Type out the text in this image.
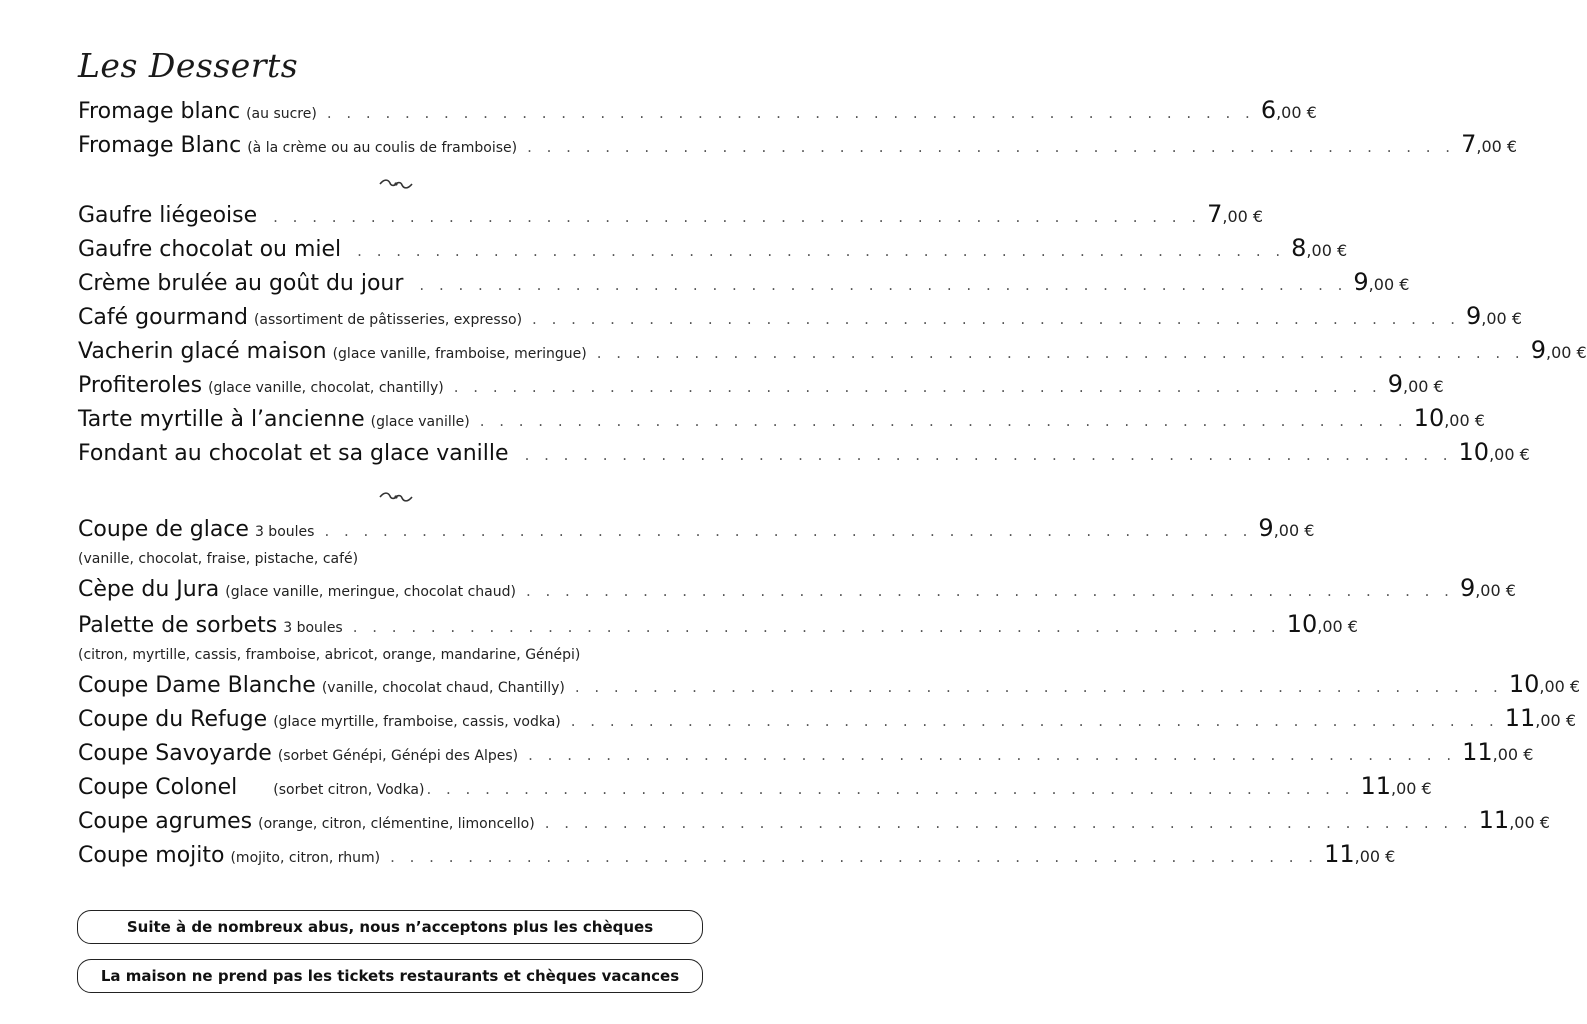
Les Desserts
Fromage blanc (au sucre) . . . . . . . . . . . . . . . . . . . . . . . . . . . . . . . . . . . . . . . . . . . . . . . . 6 ,00 €
Fromage Blanc (à la crème ou au coulis de framboise) . . . . . . . . . . . . . . . . . . . . . . . . . . . . . . . . . . . . . . . . . . . . . . . . 7 ,00 €
Gaufre liégeoise . . . . . . . . . . . . . . . . . . . . . . . . . . . . . . . . . . . . . . . . . . . . . . . . 7 ,00 €
Gaufre chocolat ou miel . . . . . . . . . . . . . . . . . . . . . . . . . . . . . . . . . . . . . . . . . . . . . . . . 8 ,00 €
Crème brulée au goût du jour . . . . . . . . . . . . . . . . . . . . . . . . . . . . . . . . . . . . . . . . . . . . . . . . 9 ,00 €
Café gourmand (assortiment de pâtisseries, expresso) . . . . . . . . . . . . . . . . . . . . . . . . . . . . . . . . . . . . . . . . . . . . . . . . 9 ,00 €
Vacherin glacé maison (glace vanille, framboise, meringue) . . . . . . . . . . . . . . . . . . . . . . . . . . . . . . . . . . . . . . . . . . . . . . . . 9 ,00 €
Profiteroles (glace vanille, chocolat, chantilly) . . . . . . . . . . . . . . . . . . . . . . . . . . . . . . . . . . . . . . . . . . . . . . . . 9 ,00 €
Tarte myrtille à l’ancienne (glace vanille) . . . . . . . . . . . . . . . . . . . . . . . . . . . . . . . . . . . . . . . . . . . . . . . . 10 ,00 €
Fondant au chocolat et sa glace vanille . . . . . . . . . . . . . . . . . . . . . . . . . . . . . . . . . . . . . . . . . . . . . . . . 10 ,00 €
Coupe de glace 3 boules . . . . . . . . . . . . . . . . . . . . . . . . . . . . . . . . . . . . . . . . . . . . . . . . 9 ,00 €
(vanille, chocolat, fraise, pistache, café)
Cèpe du Jura (glace vanille, meringue, chocolat chaud) . . . . . . . . . . . . . . . . . . . . . . . . . . . . . . . . . . . . . . . . . . . . . . . . 9 ,00 €
Palette de sorbets 3 boules . . . . . . . . . . . . . . . . . . . . . . . . . . . . . . . . . . . . . . . . . . . . . . . . 10 ,00 €
(citron, myrtille, cassis, framboise, abricot, orange, mandarine, Génépi)
Coupe Dame Blanche (vanille, chocolat chaud, Chantilly) . . . . . . . . . . . . . . . . . . . . . . . . . . . . . . . . . . . . . . . . . . . . . . . . 10 ,00 €
Coupe du Refuge (glace myrtille, framboise, cassis, vodka) . . . . . . . . . . . . . . . . . . . . . . . . . . . . . . . . . . . . . . . . . . . . . . . . 11 ,00 €
Coupe Savoyarde (sorbet Génépi, Génépi des Alpes) . . . . . . . . . . . . . . . . . . . . . . . . . . . . . . . . . . . . . . . . . . . . . . . . 11 ,00 €
Coupe Colonel	(sorbet citron, Vodka) . . . . . . . . . . . . . . . . . . . . . . . . . . . . . . . . . . . . . . . . . . . . . . . . 11 ,00 €
Coupe agrumes (orange, citron, clémentine, limoncello) . . . . . . . . . . . . . . . . . . . . . . . . . . . . . . . . . . . . . . . . . . . . . . . . 11 ,00 €
Coupe mojito (mojito, citron, rhum) . . . . . . . . . . . . . . . . . . . . . . . . . . . . . . . . . . . . . . . . . . . . . . . . 11 ,00 €
Suite à de nombreux abus, nous n’acceptons plus les chèques
La maison ne prend pas les tickets restaurants et chèques vacances
